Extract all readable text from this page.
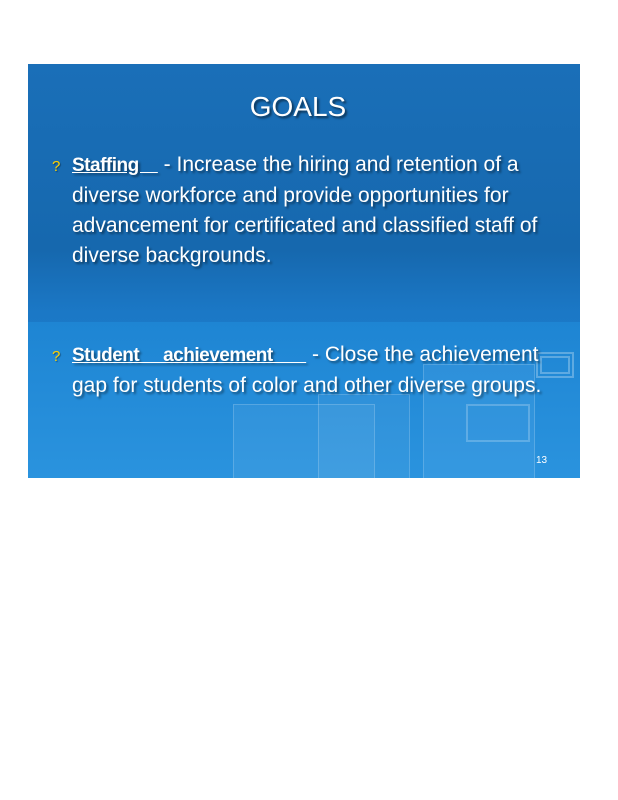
GOALS
? Staffing     - Increase the hiring and retention of a diverse workforce and provide opportunities for advancement for certificated and classified staff of diverse backgrounds.
? Student     achievement        - Close the achievement gap for students of color and other diverse groups.
13
